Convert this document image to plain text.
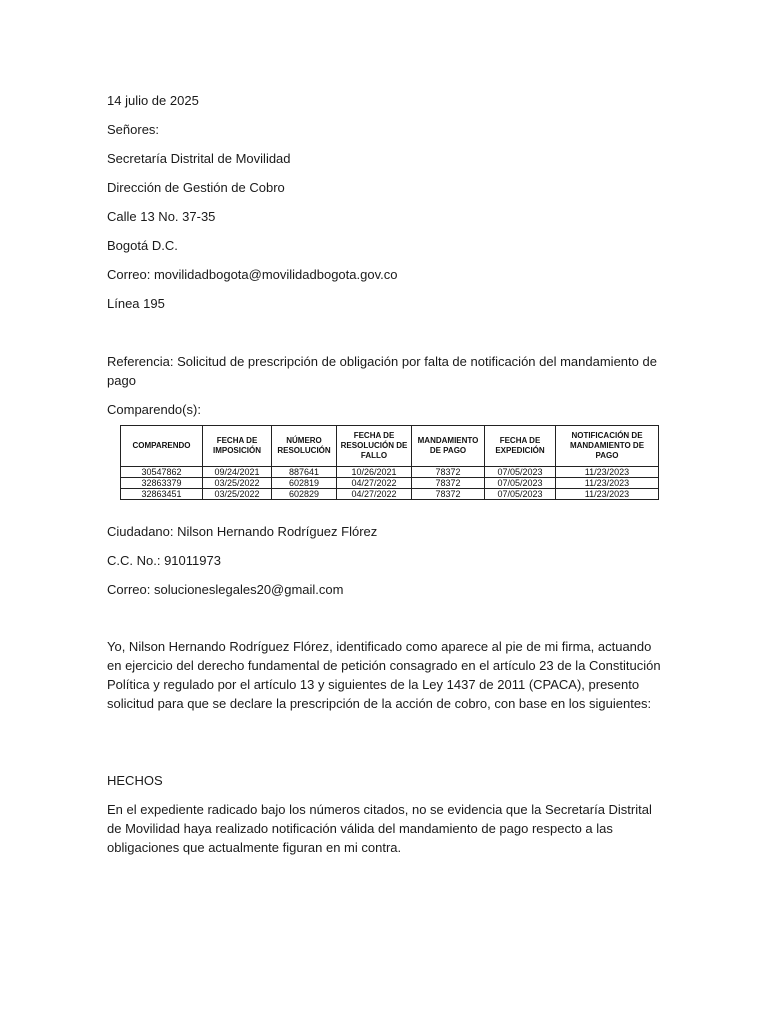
14 julio de 2025

Señores:

Secretaría Distrital de Movilidad

Dirección de Gestión de Cobro

Calle 13 No. 37-35

Bogotá D.C.

Correo: movilidadbogota@movilidadbogota.gov.co

Línea 195

Referencia: Solicitud de prescripción de obligación por falta de notificación del mandamiento de pago

Comparendo(s):

COMPARENDO	FECHA DE IMPOSICIÓN	NÚMERO RESOLUCIÓN	FECHA DE RESOLUCIÓN DE FALLO	MANDAMIENTO DE PAGO	FECHA DE EXPEDICIÓN	NOTIFICACIÓN DE MANDAMIENTO DE PAGO
30547862	09/24/2021	887641	10/26/2021	78372	07/05/2023	11/23/2023
32863379	03/25/2022	602819	04/27/2022	78372	07/05/2023	11/23/2023
32863451	03/25/2022	602829	04/27/2022	78372	07/05/2023	11/23/2023

Ciudadano: Nilson Hernando Rodríguez Flórez

C.C. No.: 91011973

Correo: solucioneslegales20@gmail.com

Yo, Nilson Hernando Rodríguez Flórez, identificado como aparece al pie de mi firma, actuando en ejercicio del derecho fundamental de petición consagrado en el artículo 23 de la Constitución Política y regulado por el artículo 13 y siguientes de la Ley 1437 de 2011 (CPACA), presento solicitud para que se declare la prescripción de la acción de cobro, con base en los siguientes:

HECHOS

En el expediente radicado bajo los números citados, no se evidencia que la Secretaría Distrital de Movilidad haya realizado notificación válida del mandamiento de pago respecto a las obligaciones que actualmente figuran en mi contra.
